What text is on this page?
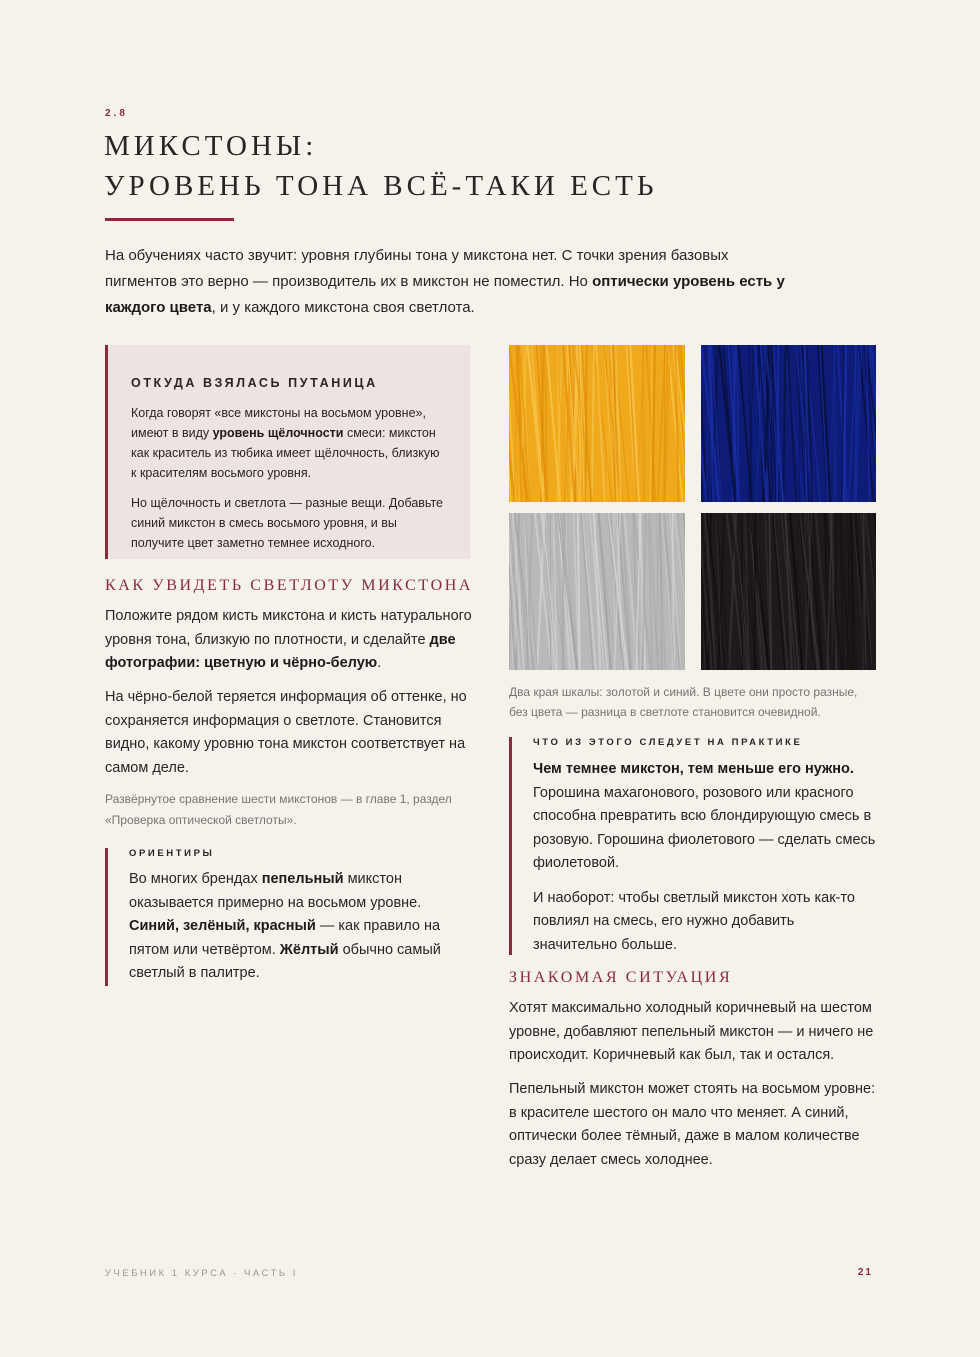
2.8
МИКСТОНЫ:
УРОВЕНЬ ТОНА ВСЁ-ТАКИ ЕСТЬ

На обучениях часто звучит: уровня глубины тона у микстона нет. С точки зрения базовых пигментов это верно — производитель их в микстон не поместил. Но оптически уровень есть у каждого цвета, и у каждого микстона своя светлота.

ОТКУДА ВЗЯЛАСЬ ПУТАНИЦА

Когда говорят «все микстоны на восьмом уровне», имеют в виду уровень щёлочности смеси: микстон как краситель из тюбика имеет щёлочность, близкую к красителям восьмого уровня.

Но щёлочность и светлота — разные вещи. Добавьте синий микстон в смесь восьмого уровня, и вы получите цвет заметно темнее исходного.

КАК УВИДЕТЬ СВЕТЛОТУ МИКСТОНА

Положите рядом кисть микстона и кисть натурального уровня тона, близкую по плотности, и сделайте две фотографии: цветную и чёрно-белую.

На чёрно-белой теряется информация об оттенке, но сохраняется информация о светлоте. Становится видно, какому уровню тона микстон соответствует на самом деле.

Развёрнутое сравнение шести микстонов — в главе 1, раздел «Проверка оптической светлоты».

ОРИЕНТИРЫ

Во многих брендах пепельный микстон оказывается примерно на восьмом уровне. Синий, зелёный, красный — как правило на пятом или четвёртом. Жёлтый обычно самый светлый в палитре.

Два края шкалы: золотой и синий. В цвете они просто разные, без цвета — разница в светлоте становится очевидной.

ЧТО ИЗ ЭТОГО СЛЕДУЕТ НА ПРАКТИКЕ

Чем темнее микстон, тем меньше его нужно. Горошина махагонового, розового или красного способна превратить всю блондирующую смесь в розовую. Горошина фиолетового — сделать смесь фиолетовой.

И наоборот: чтобы светлый микстон хоть как-то повлиял на смесь, его нужно добавить значительно больше.

ЗНАКОМАЯ СИТУАЦИЯ

Хотят максимально холодный коричневый на шестом уровне, добавляют пепельный микстон — и ничего не происходит. Коричневый как был, так и остался.

Пепельный микстон может стоять на восьмом уровне: в красителе шестого он мало что меняет. А синий, оптически более тёмный, даже в малом количестве сразу делает смесь холоднее.

УЧЕБНИК 1 КУРСА · ЧАСТЬ I	21
